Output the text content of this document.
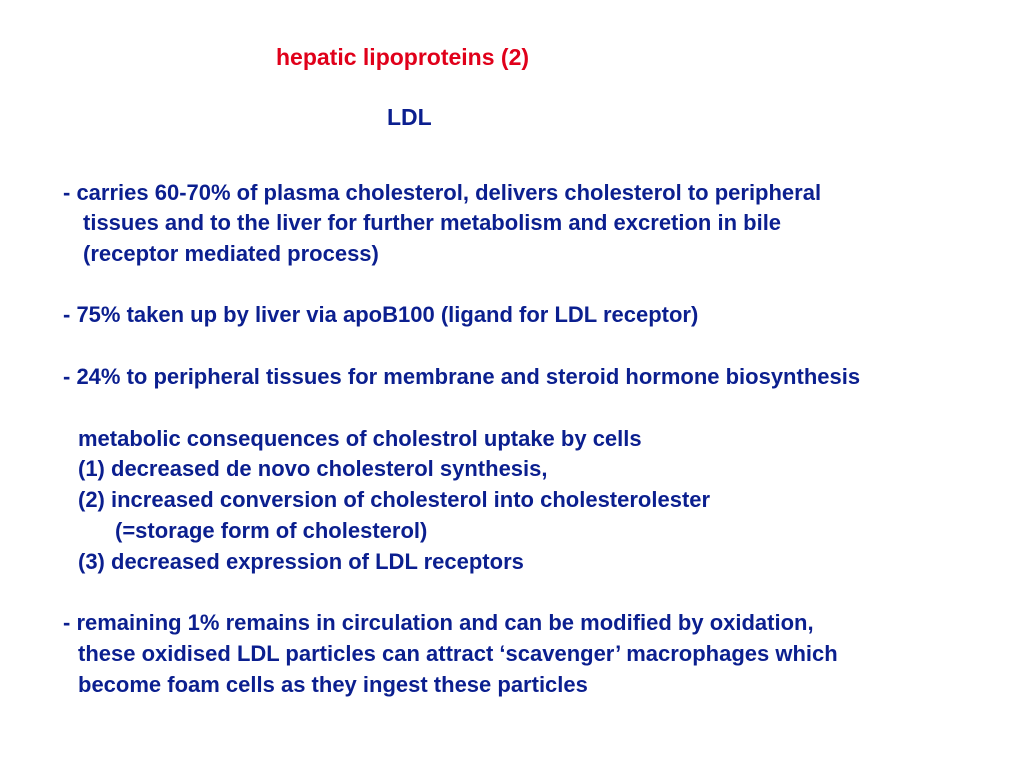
hepatic lipoproteins (2)
LDL
- carries 60-70% of plasma cholesterol, delivers cholesterol to peripheral
tissues and to the liver for further metabolism and excretion in bile
(receptor mediated process)
- 75% taken up by liver via apoB100 (ligand for LDL receptor)
- 24% to peripheral tissues for membrane and steroid hormone biosynthesis
metabolic consequences of cholestrol uptake by cells
(1) decreased de novo cholesterol synthesis,
(2) increased conversion of cholesterol into cholesterolester
(=storage form of cholesterol)
(3) decreased expression of LDL receptors
- remaining 1% remains in circulation and can be modified by oxidation,
these oxidised LDL particles can attract ‘scavenger’ macrophages which
become foam cells as they ingest these particles
